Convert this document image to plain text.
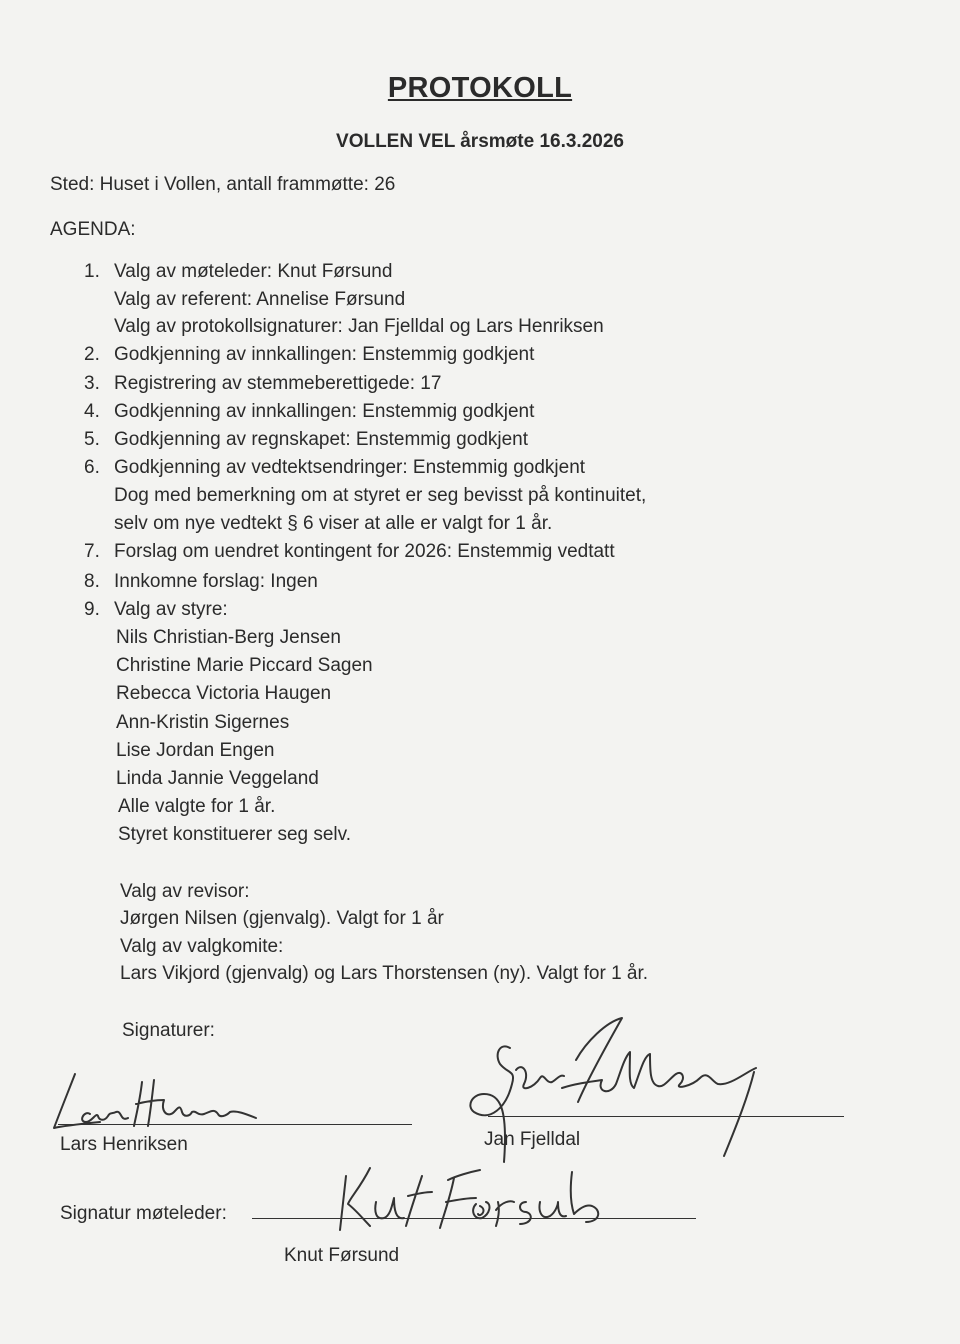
PROTOKOLL
VOLLEN VEL årsmøte 16.3.2026
Sted: Huset i Vollen, antall frammøtte: 26
AGENDA:
1. Valg av møteleder: Knut Førsund
Valg av referent: Annelise Førsund
Valg av protokollsignaturer: Jan Fjelldal og Lars Henriksen
2. Godkjenning av innkallingen: Enstemmig godkjent
3. Registrering av stemmeberettigede: 17
4. Godkjenning av innkallingen: Enstemmig godkjent
5. Godkjenning av regnskapet: Enstemmig godkjent
6. Godkjenning av vedtektsendringer: Enstemmig godkjent
Dog med bemerkning om at styret er seg bevisst på kontinuitet,
selv om nye vedtekt § 6 viser at alle er valgt for 1 år.
7. Forslag om uendret kontingent for 2026: Enstemmig vedtatt
8. Innkomne forslag: Ingen
9. Valg av styre:
Nils Christian-Berg Jensen
Christine Marie Piccard Sagen
Rebecca Victoria Haugen
Ann-Kristin Sigernes
Lise Jordan Engen
Linda Jannie Veggeland
Alle valgte for 1 år.
Styret konstituerer seg selv.
Valg av revisor:
Jørgen Nilsen (gjenvalg). Valgt for 1 år
Valg av valgkomite:
Lars Vikjord (gjenvalg) og Lars Thorstensen (ny). Valgt for 1 år.
Signaturer:
Lars Henriksen	Jan Fjelldal
Signatur møteleder:
Knut Førsund
